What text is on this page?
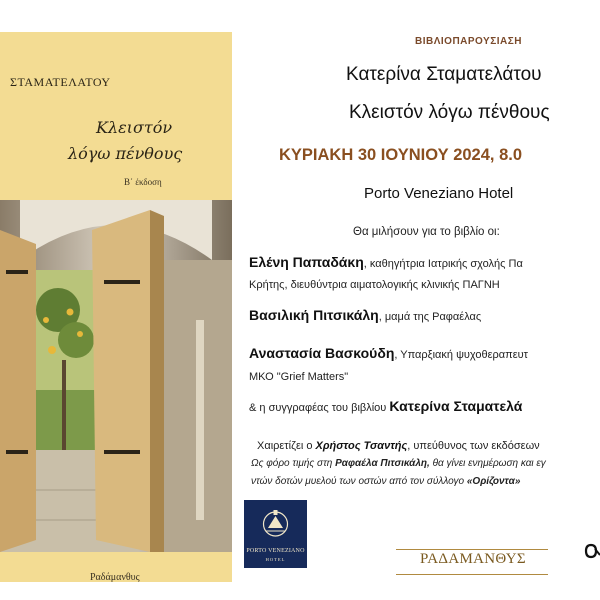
ΣΤΑΜΑΤΕΛΑΤΟΥ
Κλειστόν
λόγω πένθους
Β΄ έκδοση
Ραδάμανθυς
ΒΙΒΛΙΟΠΑΡΟΥΣΙΑΣΗ
Κατερίνα Σταματελάτου
Κλειστόν λόγω πένθους
ΚΥΡΙΑΚΗ 30 ΙΟΥΝΙΟΥ 2024, 8.0
Porto Veneziano Hotel
Θα μιλήσουν για το βιβλίο οι:
Ελένη Παπαδάκη, καθηγήτρια Ιατρικής σχολής Πα
Κρήτης, διευθύντρια αιματολογικής κλινικής ΠΑΓΝΗ
Βασιλική Πιτσικάλη, μαμά της Ραφαέλας
Αναστασία Βασκούδη, Υπαρξιακή ψυχοθεραπευτ
ΜΚΟ "Grief Matters"
& η συγγραφέας του βιβλίου Κατερίνα Σταματελά
Χαιρετίζει ο Χρήστος Τσαντής, υπεύθυνος των εκδόσεων
Ως φόρο τιμής στη Ραφαέλα Πιτσικάλη, θα γίνει ενημέρωση και εγ
ντών δοτών μυελού των οστών από τον σύλλογο «Ορίζοντα»
PORTO VENEZIANO
HOTEL	ΡΑΔΑΜΑΝΘΥΣ
